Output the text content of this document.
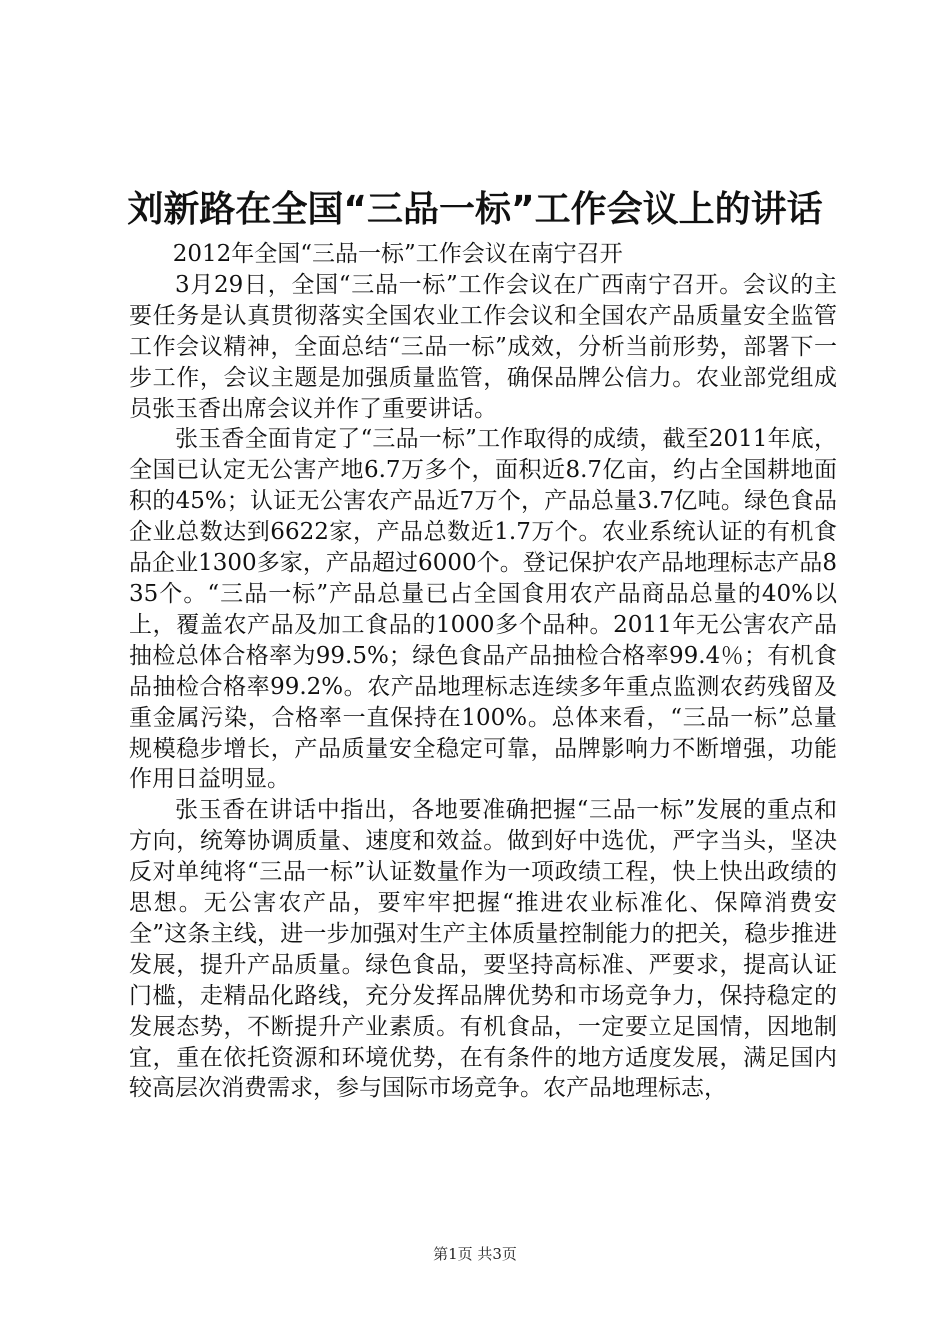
刘新路在全国“三品一标”工作会议上的讲话

2012年全国“三品一标”工作会议在南宁召开

3月29日，全国“三品一标”工作会议在广西南宁召开。会议的主要任务是认真贯彻落实全国农业工作会议和全国农产品质量安全监管工作会议精神，全面总结“三品一标”成效，分析当前形势，部署下一步工作，会议主题是加强质量监管，确保品牌公信力。农业部党组成员张玉香出席会议并作了重要讲话。

张玉香全面肯定了“三品一标”工作取得的成绩，截至2011年底，全国已认定无公害产地6.7万多个，面积近8.7亿亩，约占全国耕地面积的45%；认证无公害农产品近7万个，产品总量3.7亿吨。绿色食品企业总数达到6622家，产品总数近1.7万个。农业系统认证的有机食品企业1300多家，产品超过6000个。登记保护农产品地理标志产品835个。“三品一标”产品总量已占全国食用农产品商品总量的40%以上，覆盖农产品及加工食品的1000多个品种。2011年无公害农产品抽检总体合格率为99.5%；绿色食品产品抽检合格率99.4％；有机食品抽检合格率99.2%。农产品地理标志连续多年重点监测农药残留及重金属污染，合格率一直保持在100%。总体来看，“三品一标”总量规模稳步增长，产品质量安全稳定可靠，品牌影响力不断增强，功能作用日益明显。

张玉香在讲话中指出，各地要准确把握“三品一标”发展的重点和方向，统筹协调质量、速度和效益。做到好中选优，严字当头，坚决反对单纯将“三品一标”认证数量作为一项政绩工程，快上快出政绩的思想。无公害农产品，要牢牢把握“推进农业标准化、保障消费安全”这条主线，进一步加强对生产主体质量控制能力的把关，稳步推进发展，提升产品质量。绿色食品，要坚持高标准、严要求，提高认证门槛，走精品化路线，充分发挥品牌优势和市场竞争力，保持稳定的发展态势，不断提升产业素质。有机食品，一定要立足国情，因地制宜，重在依托资源和环境优势，在有条件的地方适度发展，满足国内较高层次消费需求，参与国际市场竞争。农产品地理标志，

第1页 共3页
